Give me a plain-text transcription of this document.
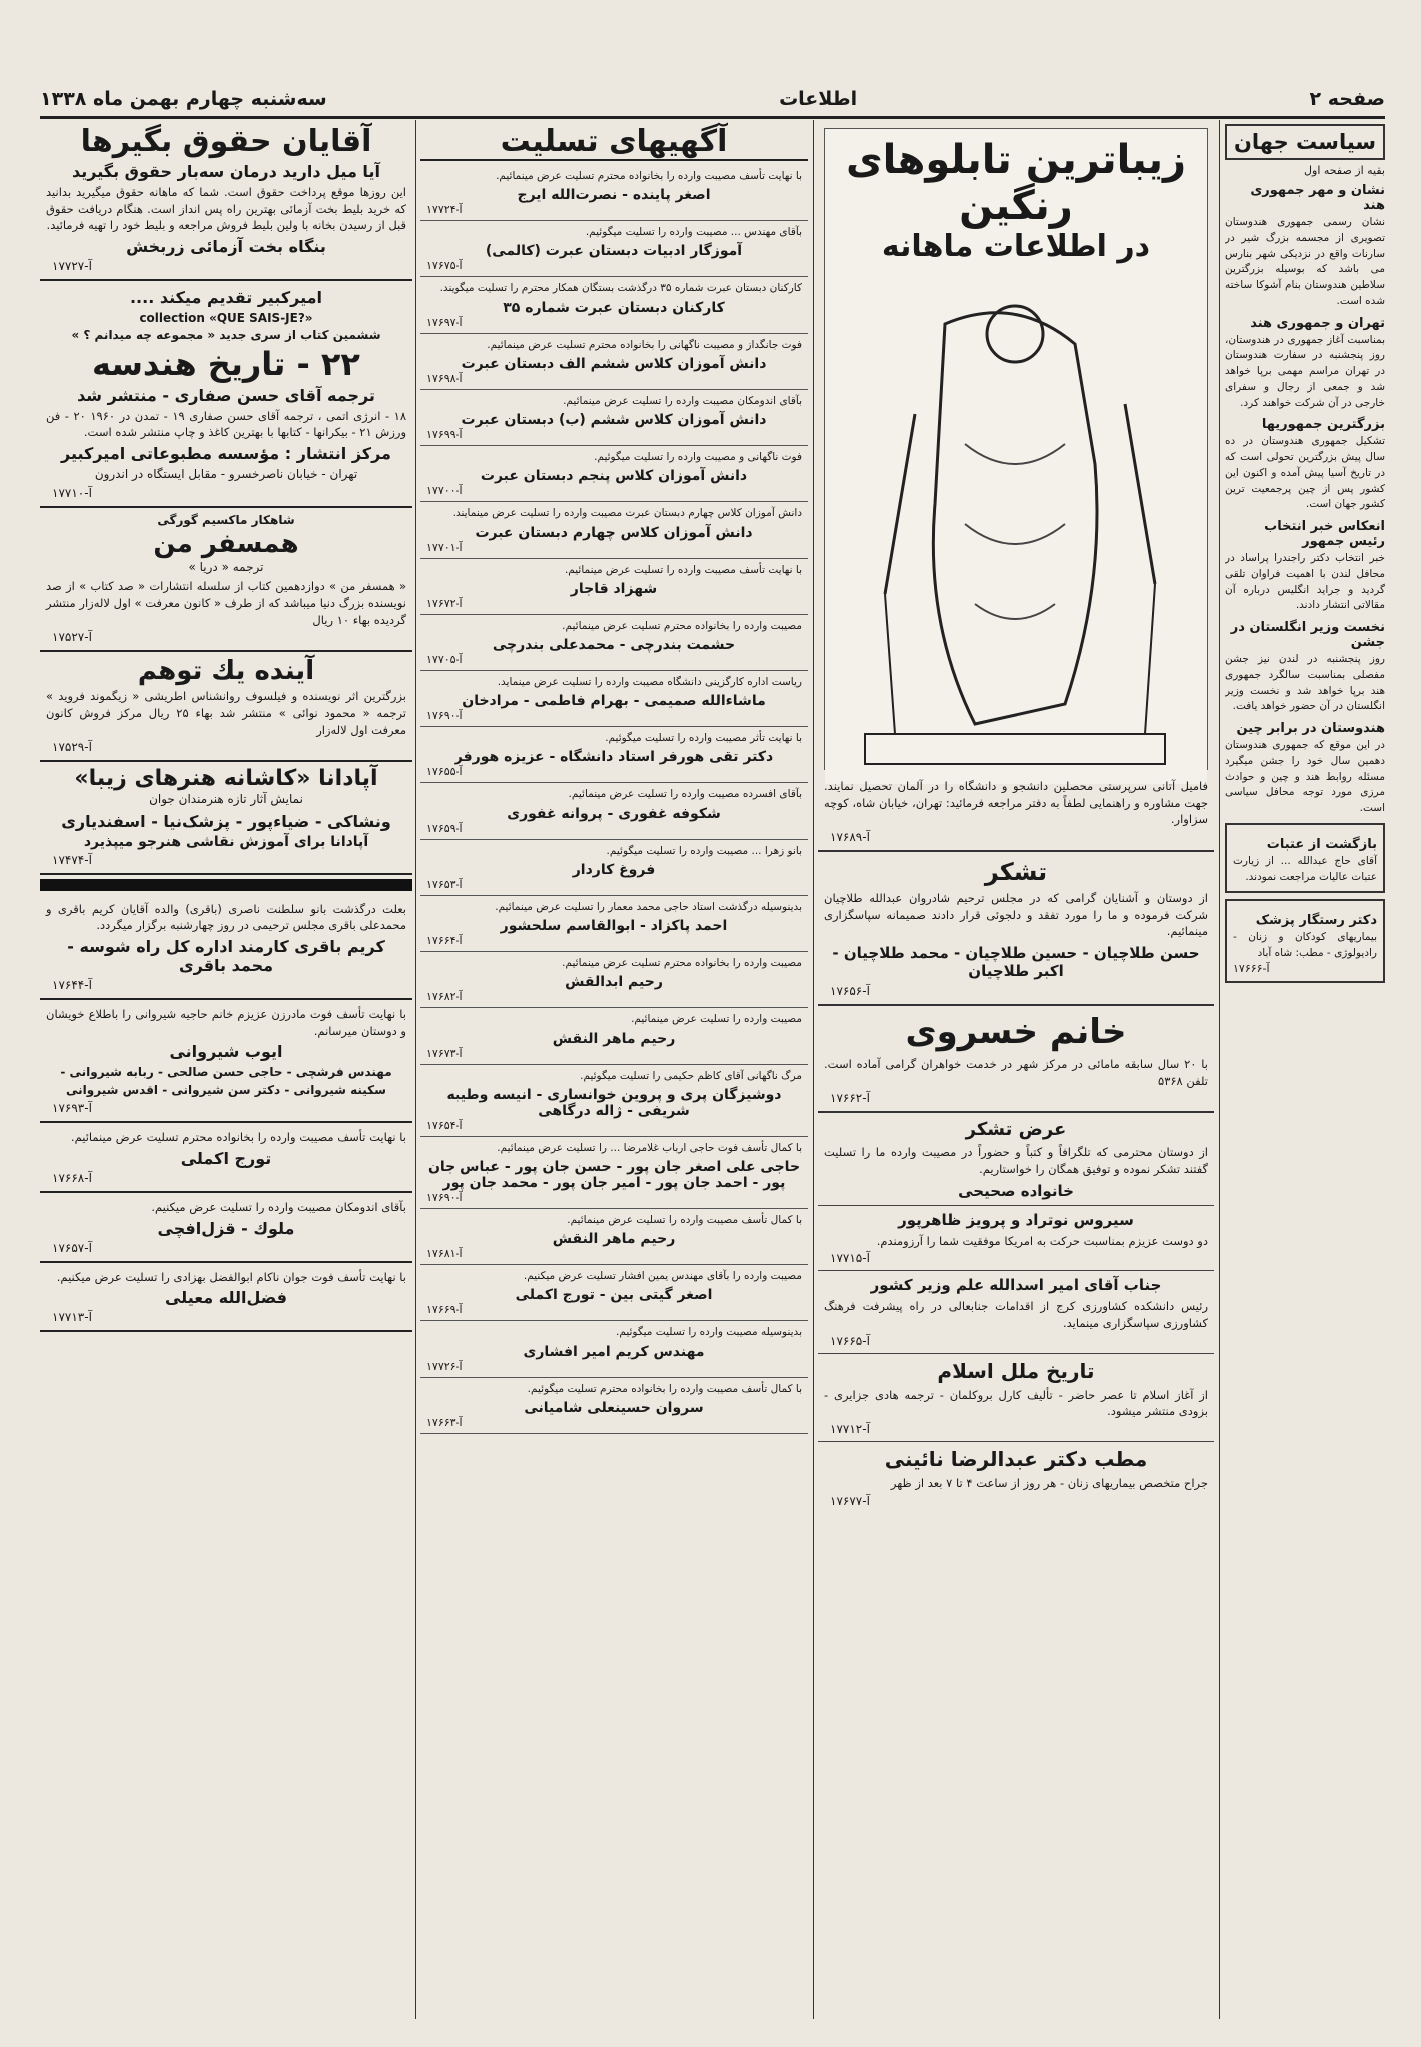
صفحه ۲
اطلاعات
سه‌شنبه چهارم بهمن ماه ۱۳۳۸
سیاست جهان
بقیه از صفحه اول
نشان و مهر جمهوری هند
نشان رسمی جمهوری هندوستان تصویری از مجسمه بزرگ شیر در سارنات واقع در نزدیکی شهر بنارس می باشد که بوسیله بزرگترین سلاطین هندوستان بنام آشوکا ساخته شده است.
تهران و جمهوری هند
بمناسبت آغاز جمهوری در هندوستان، روز پنجشنبه در سفارت هندوستان در تهران مراسم مهمی برپا خواهد شد و جمعی از رجال و سفرای خارجی در آن شرکت خواهند کرد.
بزرگترین جمهوریها
تشکیل جمهوری هندوستان در ده سال پیش بزرگترین تحولی است که در تاریخ آسیا پیش آمده و اکنون این کشور پس از چین پرجمعیت ترین کشور جهان است.
انعکاس خبر انتخاب رئیس جمهور
خبر انتخاب دکتر راجندرا پراساد در محافل لندن با اهمیت فراوان تلقی گردید و جراید انگلیس درباره آن مقالاتی انتشار دادند.
نخست وزیر انگلستان در جشن
روز پنجشنبه در لندن نیز جشن مفصلی بمناسبت سالگرد جمهوری هند برپا خواهد شد و نخست وزیر انگلستان در آن حضور خواهد یافت.
هندوستان در برابر چین
در این موقع که جمهوری هندوستان دهمین سال خود را جشن میگیرد مسئله روابط هند و چین و حوادث مرزی مورد توجه محافل سیاسی است.
بازگشت از عتبات
آقای حاج عبدالله ... از زیارت عتبات عالیات مراجعت نمودند.
دکتر رستگار پزشک
بیماریهای کودکان و زنان - رادیولوژی - مطب: شاه آباد
آ-۱۷۶۶۶
زیباترین تابلوهای رنگین
در اطلاعات ماهانه
فامیل آتانی سرپرستی محصلین دانشجو و دانشگاه را در آلمان تحصیل نمایند. جهت مشاوره و راهنمایی لطفاً به دفتر مراجعه فرمائید: تهران، خیابان شاه، کوچه سزاوار.
آ-۱۷۶۸۹
تشکر
از دوستان و آشنایان گرامی که در مجلس ترحیم شادروان عبدالله طلاچیان شرکت فرموده و ما را مورد تفقد و دلجوئی قرار دادند صمیمانه سپاسگزاری مینمائیم.
حسن طلاچیان - حسین طلاچیان - محمد طلاچیان - اکبر طلاچیان
آ-۱۷۶۵۶
خانم خسروی
با ۲۰ سال سابقه مامائی در مرکز شهر در خدمت خواهران گرامی آماده است. تلفن ۵۳۶۸
آ-۱۷۶۶۲
عرض تشکر
از دوستان محترمی که تلگرافاً و کتباً و حضوراً در مصیبت وارده ما را تسلیت گفتند تشکر نموده و توفیق همگان را خواستاریم.
خانواده صحیحی
سیروس نوتراد و پرویز ظاهرپور
دو دوست عزیزم بمناسبت حرکت به امریکا موفقیت شما را آرزومندم.
آ-۱۷۷۱۵
جناب آقای امیر اسدالله علم وزیر کشور
رئیس دانشکده کشاورزی کرج از اقدامات جنابعالی در راه پیشرفت فرهنگ کشاورزی سپاسگزاری مینماید.
آ-۱۷۶۶۵
تاریخ ملل اسلام
از آغاز اسلام تا عصر حاضر - تألیف کارل بروکلمان - ترجمه هادی جزایری - بزودی منتشر میشود.
آ-۱۷۷۱۲
مطب دکتر عبدالرضا نائینی
جراح متخصص بیماریهای زنان - هر روز از ساعت ۴ تا ۷ بعد از ظهر
آ-۱۷۶۷۷
آگهیهای تسلیت
با نهایت تأسف مصیبت وارده را بخانواده محترم تسلیت عرض مینمائیم.
اصغر پاینده - نصرت‌الله ایرج
آ-۱۷۷۲۴
بآقای مهندس ... مصیبت وارده را تسلیت میگوئیم.
آموزگار ادبیات دبستان عبرت (کالمی)
آ-۱۷۶۷۵
کارکنان دبستان عبرت شماره ۳۵ درگذشت بستگان همکار محترم را تسلیت میگویند.
کارکنان دبستان عبرت شماره ۳۵
آ-۱۷۶۹۷
فوت جانگداز و مصیبت ناگهانی را بخانواده محترم تسلیت عرض مینمائیم.
دانش آموزان کلاس ششم الف دبستان عبرت
آ-۱۷۶۹۸
بآقای اندومکان مصیبت وارده را تسلیت عرض مینمائیم.
دانش آموزان کلاس ششم (ب) دبستان عبرت
آ-۱۷۶۹۹
فوت ناگهانی و مصیبت وارده را تسلیت میگوئیم.
دانش آموزان کلاس پنجم دبستان عبرت
آ-۱۷۷۰۰
دانش آموزان کلاس چهارم دبستان عبرت مصیبت وارده را تسلیت عرض مینمایند.
دانش آموزان کلاس چهارم دبستان عبرت
آ-۱۷۷۰۱
با نهایت تأسف مصیبت وارده را تسلیت عرض مینمائیم.
شهزاد قاجار
آ-۱۷۶۷۲
مصیبت وارده را بخانواده محترم تسلیت عرض مینمائیم.
حشمت بندرچی - محمدعلی بندرچی
آ-۱۷۷۰۵
ریاست اداره کارگزینی دانشگاه مصیبت وارده را تسلیت عرض مینماید.
ماشاءالله صمیمی - بهرام فاطمی - مرادخان
آ-۱۷۶۹۰
با نهایت تأثر مصیبت وارده را تسلیت میگوئیم.
دکتر تقی هورفر استاد دانشگاه - عزیزه هورفر
آ-۱۷۶۵۵
بآقای افسرده مصیبت وارده را تسلیت عرض مینمائیم.
شکوفه غفوری - پروانه غفوری
آ-۱۷۶۵۹
بانو زهرا ... مصیبت وارده را تسلیت میگوئیم.
فروغ کاردار
آ-۱۷۶۵۳
بدینوسیله درگذشت استاد حاجی محمد معمار را تسلیت عرض مینمائیم.
احمد پاکزاد - ابوالقاسم سلحشور
آ-۱۷۶۶۴
مصیبت وارده را بخانواده محترم تسلیت عرض مینمائیم.
رحیم ابدالقش
آ-۱۷۶۸۲
مصیبت وارده را تسلیت عرض مینمائیم.
رحیم ماهر النقش
آ-۱۷۶۷۳
مرگ ناگهانی آقای کاظم حکیمی را تسلیت میگوئیم.
دوشیزگان پری و پروین خوانساری - انیسه وطیبه شریفی - ژاله درگاهی
آ-۱۷۶۵۴
با کمال تأسف فوت حاجی ارباب غلامرضا ... را تسلیت عرض مینمائیم.
حاجی علی اصغر جان پور - حسن جان پور - عباس جان پور - احمد جان پور - امیر جان پور - محمد جان پور
آ-۱۷۶۹۰
با کمال تأسف مصیبت وارده را تسلیت عرض مینمائیم.
رحیم ماهر النقش
آ-۱۷۶۸۱
مصیبت وارده را بآقای مهندس یمین افشار تسلیت عرض میکنیم.
اصغر گیتی بین - تورج اکملی
آ-۱۷۶۶۹
بدینوسیله مصیبت وارده را تسلیت میگوئیم.
مهندس کریم امیر افشاری
آ-۱۷۷۲۶
با کمال تأسف مصیبت وارده را بخانواده محترم تسلیت میگوئیم.
سروان حسینعلی شامیانی
آ-۱۷۶۶۳
آقایان حقوق بگیرها
آیا میل دارید درمان سه‌بار حقوق بگیرید
این روزها موقع پرداخت حقوق است. شما که ماهانه حقوق میگیرید بدانید که خرید بلیط بخت آزمائی بهترین راه پس انداز است. هنگام دریافت حقوق قبل از رسیدن بخانه با ولین بلیط فروش مراجعه و بلیط خود را تهیه فرمائید.
بنگاه بخت آزمائی زربخش
آ-۱۷۷۲۷
امیرکبیر تقدیم میکند ....
collection «QUE SAIS-JE?»
ششمین کتاب از سری جدید « مجموعه چه میدانم ؟ »
۲۲ - تاریخ هندسه
ترجمه آقای حسن صفاری - منتشر شد
۱۸ - انرژی اتمی ، ترجمه آقای حسن صفاری ۱۹ - تمدن در ۱۹۶۰ ۲۰ - فن ورزش ۲۱ - بیکرانها - کتابها با بهترین کاغذ و چاپ منتشر شده است.
مرکز انتشار : مؤسسه مطبوعاتی امیرکبیر
تهران - خیابان ناصرخسرو - مقابل ایستگاه در اندرون
آ-۱۷۷۱۰
شاهکار ماکسیم گورگی
همسفر من
ترجمه « دریا »
« همسفر من » دوازدهمین کتاب از سلسله انتشارات « صد کتاب » از صد نویسنده بزرگ دنیا میباشد که از طرف « کانون معرفت » اول لاله‌زار منتشر گردیده بهاء ۱۰ ریال
آ-۱۷۵۲۷
آینده یك توهم
بزرگترین اثر نویسنده و فیلسوف روانشناس اطریشی « زیگموند فروید » ترجمه « محمود نوائی » منتشر شد بهاء ۲۵ ریال مرکز فروش کانون معرفت اول لاله‌زار
آ-۱۷۵۲۹
آپادانا «کاشانه هنرهای زیبا»
نمایش آثار تازه هنرمندان جوان
ونشاکی - ضیاءپور - پزشک‌نیا - اسفندیاری
آپادانا برای آموزش نقاشی هنرجو میپذیرد
آ-۱۷۴۷۴
بعلت درگذشت بانو سلطنت ناصری (باقری) والده آقایان کریم باقری و محمدعلی باقری مجلس ترحیمی در روز چهارشنبه برگزار میگردد.
کریم باقری کارمند اداره کل راه شوسه - محمد باقری
آ-۱۷۶۴۴
با نهایت تأسف فوت مادرزن عزیزم خانم حاجیه شیروانی را باطلاع خویشان و دوستان میرسانم.
ایوب شیروانی
مهندس فرشچی - حاجی حسن صالحی - ربابه شیروانی - سکینه شیروانی - دکتر سن شیروانی - اقدس شیروانی
آ-۱۷۶۹۳
با نهایت تأسف مصیبت وارده را بخانواده محترم تسلیت عرض مینمائیم.
تورج اکملی
آ-۱۷۶۶۸
بآقای اندومکان مصیبت وارده را تسلیت عرض میکنیم.
ملوك - قزل‌افچی
آ-۱۷۶۵۷
با نهایت تأسف فوت جوان ناکام ابوالفضل بهزادی را تسلیت عرض میکنیم.
فضل‌الله معیلی
آ-۱۷۷۱۳
